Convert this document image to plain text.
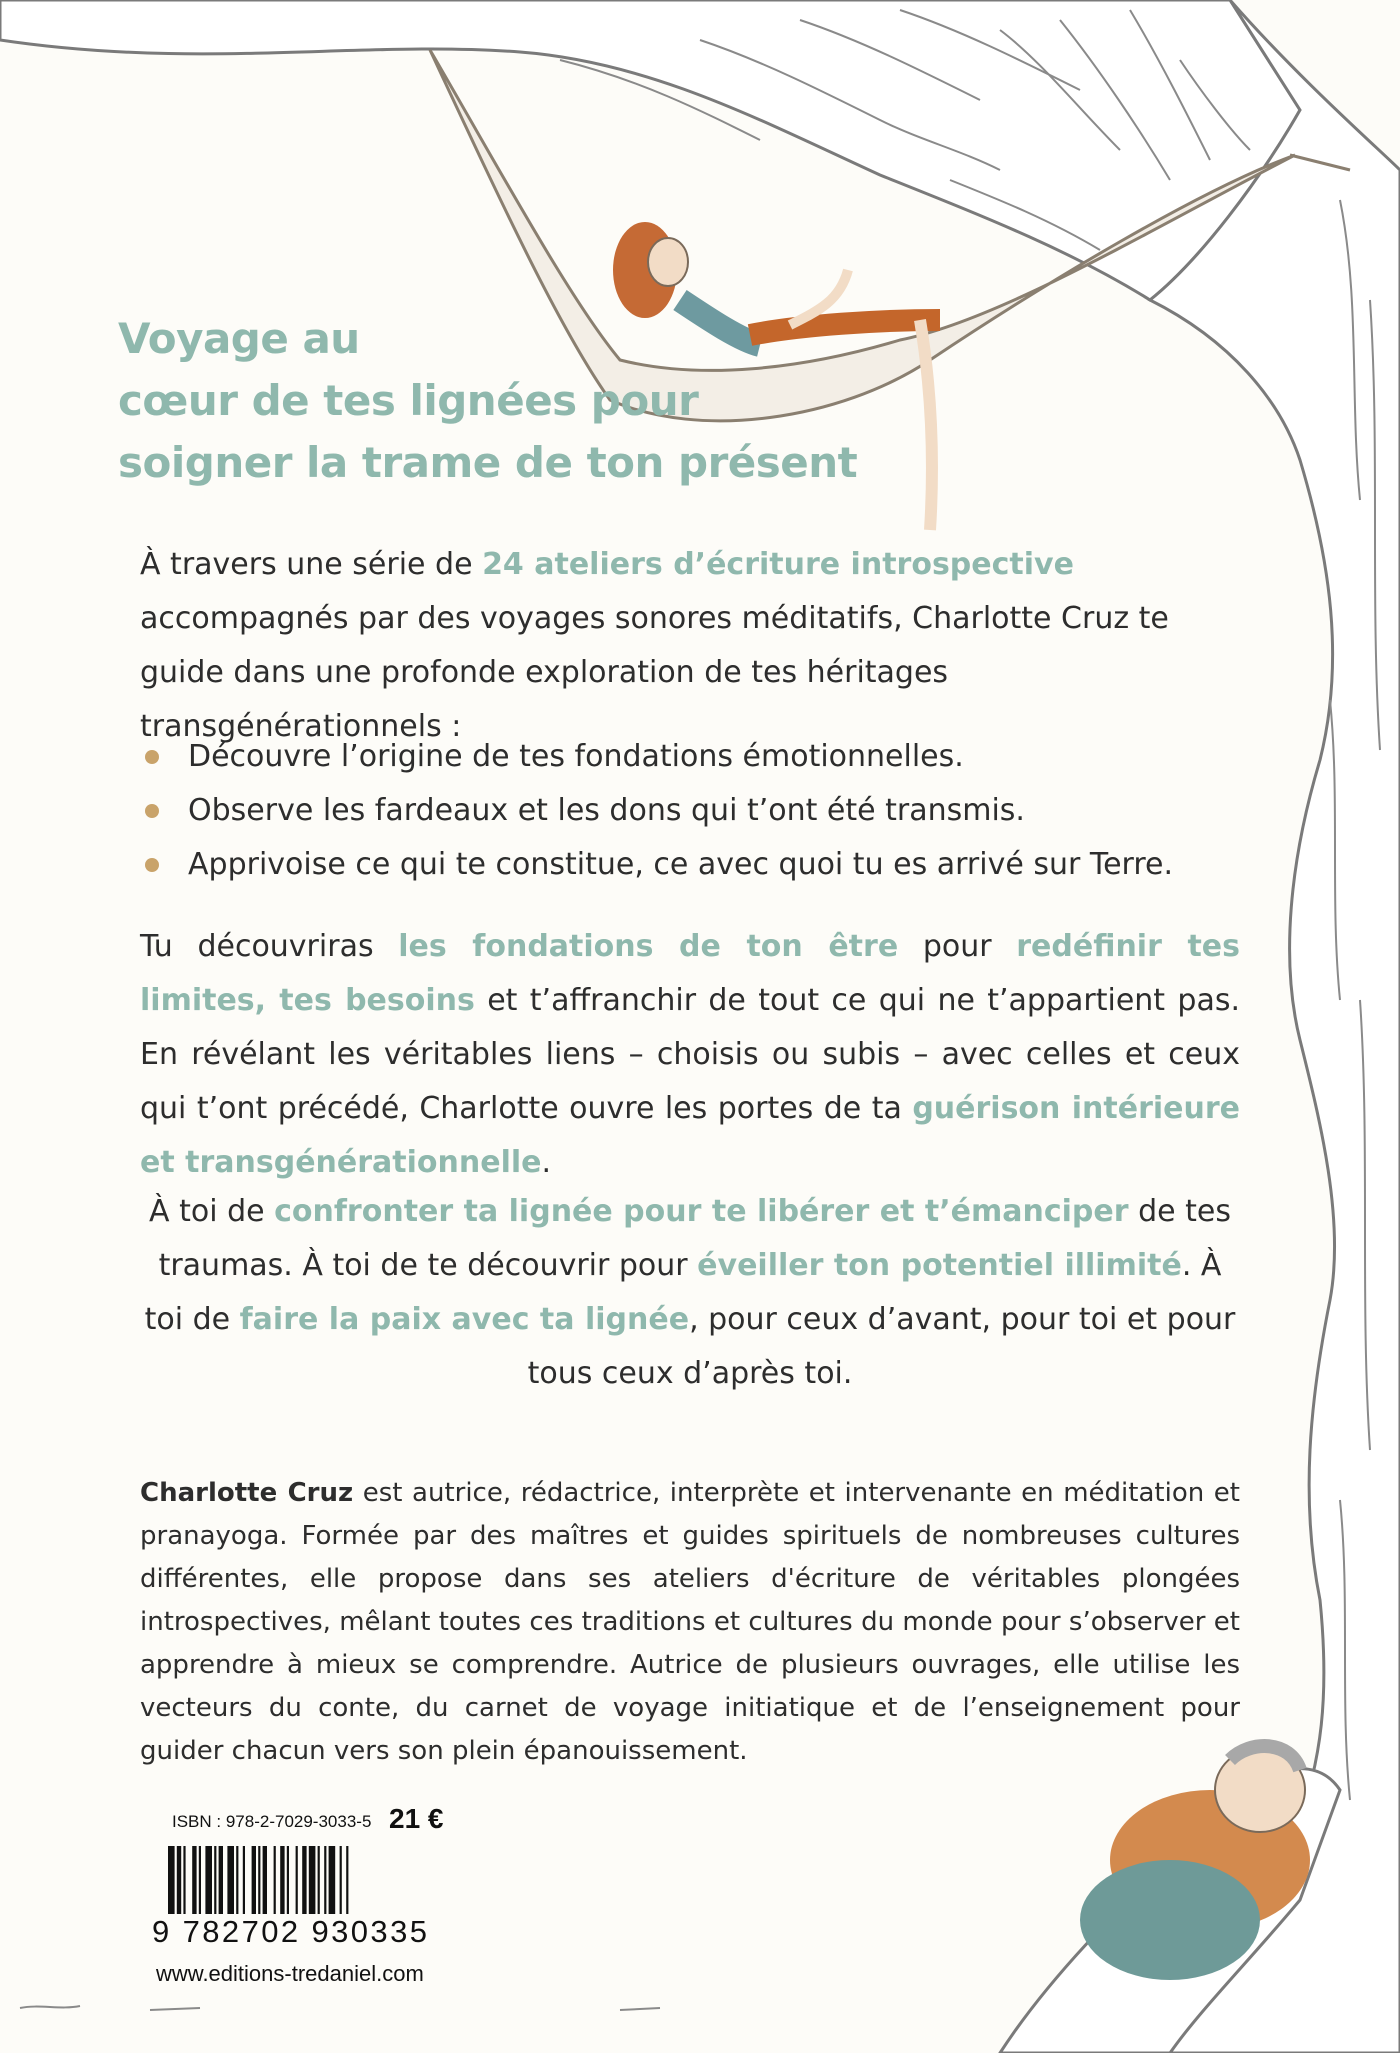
Voyage au
cœur de tes lignées pour
soigner la trame de ton présent

À travers une série de 24 ateliers d’écriture introspective accompagnés par des voyages sonores méditatifs, Charlotte Cruz te guide dans une profonde exploration de tes héritages transgénérationnels :

Découvre l’origine de tes fondations émotionnelles.
Observe les fardeaux et les dons qui t’ont été transmis.
Apprivoise ce qui te constitue, ce avec quoi tu es arrivé sur Terre.

Tu découvriras les fondations de ton être pour redéfinir tes limites, tes besoins et t’affranchir de tout ce qui ne t’appartient pas. En révélant les véritables liens – choisis ou subis – avec celles et ceux qui t’ont précédé, Charlotte ouvre les portes de ta guérison intérieure et transgénérationnelle.

À toi de confronter ta lignée pour te libérer et t’émanciper de tes traumas. À toi de te découvrir pour éveiller ton potentiel illimité. À toi de faire la paix avec ta lignée, pour ceux d’avant, pour toi et pour tous ceux d’après toi.

Charlotte Cruz est autrice, rédactrice, interprète et intervenante en méditation et pranayoga. Formée par des maîtres et guides spirituels de nombreuses cultures différentes, elle propose dans ses ateliers d'écriture de véritables plongées introspectives, mêlant toutes ces traditions et cultures du monde pour s’observer et apprendre à mieux se comprendre. Autrice de plusieurs ouvrages, elle utilise les vecteurs du conte, du carnet de voyage initiatique et de l’enseignement pour guider chacun vers son plein épanouissement.

ISBN : 978-2-7029-3033-5 21 €
9 782702 930335
www.editions-tredaniel.com
